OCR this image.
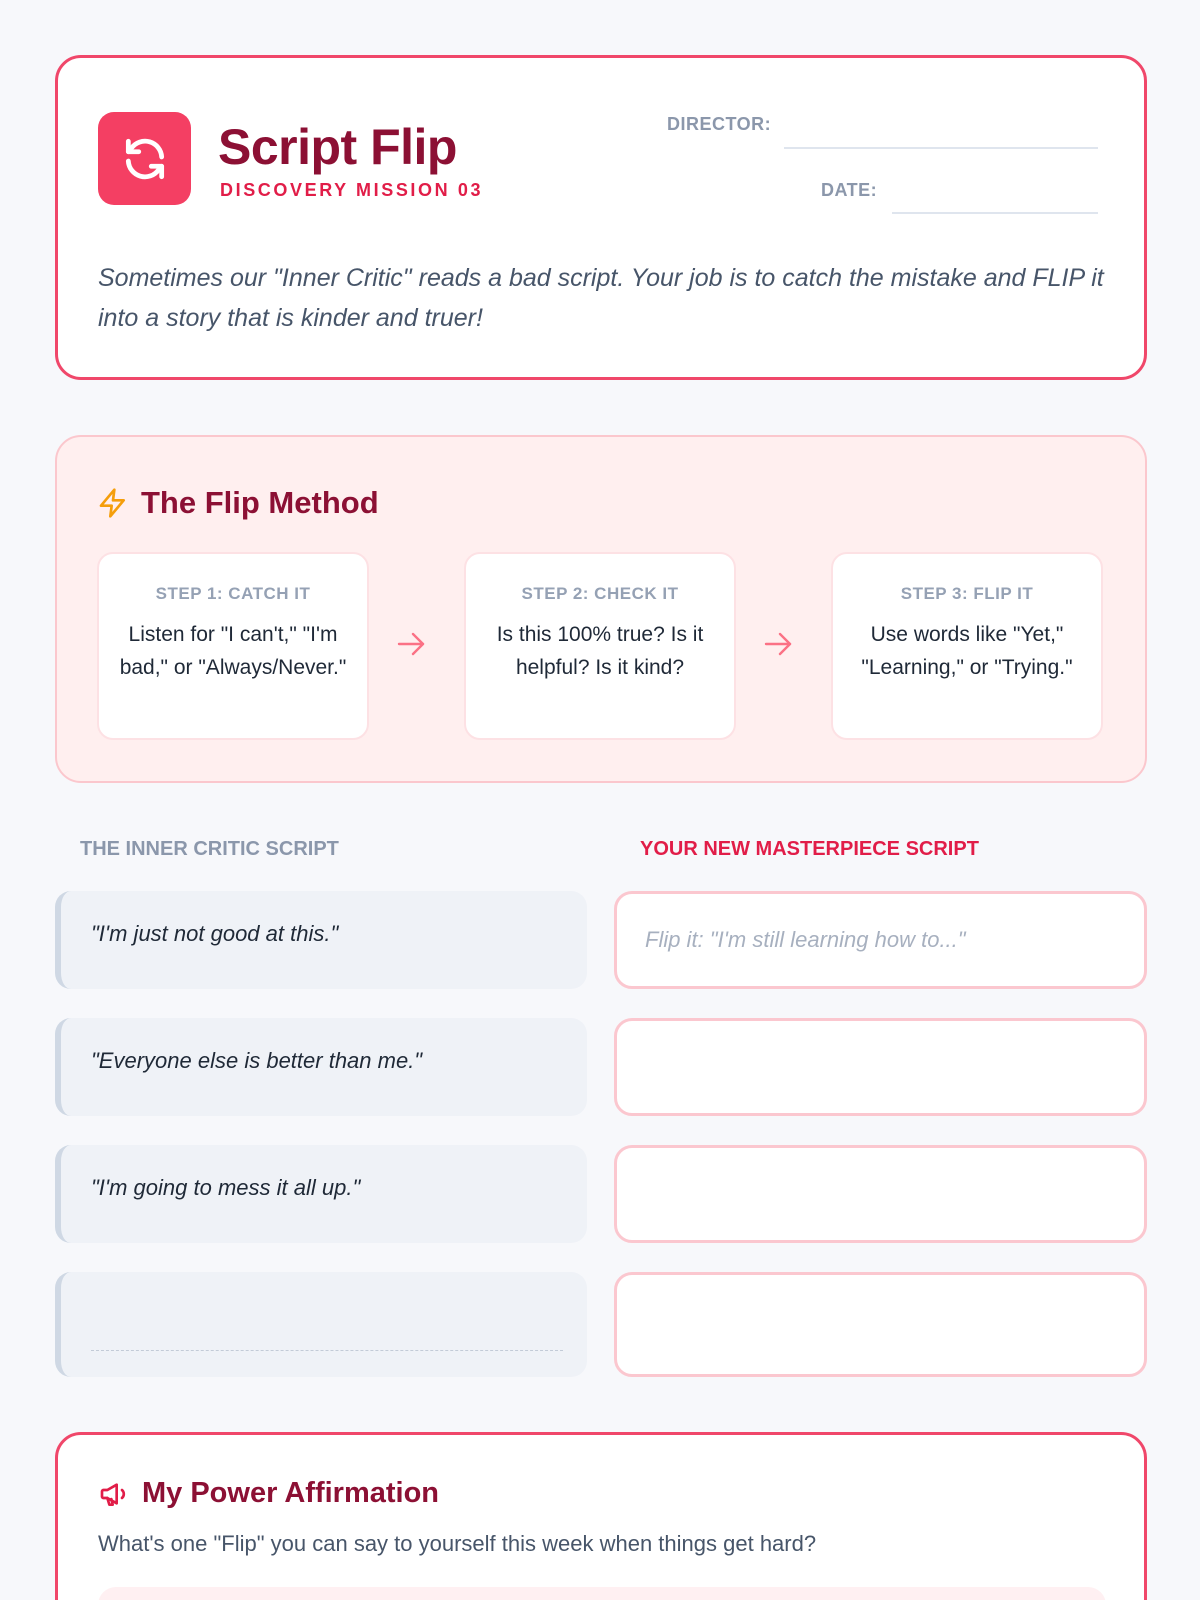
Script Flip
DISCOVERY MISSION 03
DIRECTOR:
DATE:
Sometimes our "Inner Critic" reads a bad script. Your job is to catch the mistake and FLIP it into a story that is kinder and truer!
The Flip Method
STEP 1: CATCH IT
Listen for "I can't," "I'm bad," or "Always/Never."
STEP 2: CHECK IT
Is this 100% true? Is it helpful? Is it kind?
STEP 3: FLIP IT
Use words like "Yet," "Learning," or "Trying."
THE INNER CRITIC SCRIPT	YOUR NEW MASTERPIECE SCRIPT
"I'm just not good at this."
Flip it: "I'm still learning how to..."
"Everyone else is better than me."
"I'm going to mess it all up."
My Power Affirmation
What's one "Flip" you can say to yourself this week when things get hard?
